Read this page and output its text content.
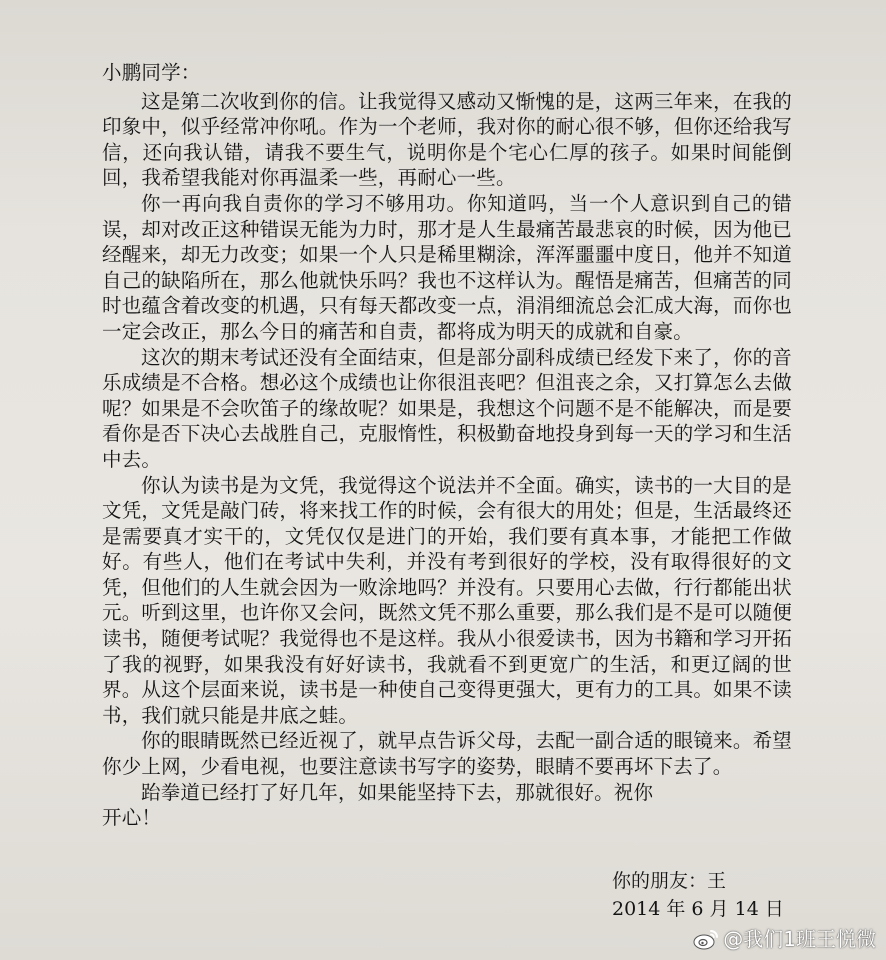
小鹏同学：

这是第二次收到你的信。让我觉得又感动又惭愧的是，这两三年来，在我的印象中，似乎经常冲你吼。作为一个老师，我对你的耐心很不够，但你还给我写信，还向我认错，请我不要生气，说明你是个宅心仁厚的孩子。如果时间能倒回，我希望我能对你再温柔一些，再耐心一些。

你一再向我自责你的学习不够用功。你知道吗，当一个人意识到自己的错误，却对改正这种错误无能为力时，那才是人生最痛苦最悲哀的时候，因为他已经醒来，却无力改变；如果一个人只是稀里糊涂，浑浑噩噩中度日，他并不知道自己的缺陷所在，那么他就快乐吗？我也不这样认为。醒悟是痛苦，但痛苦的同时也蕴含着改变的机遇，只有每天都改变一点，涓涓细流总会汇成大海，而你也一定会改正，那么今日的痛苦和自责，都将成为明天的成就和自豪。

这次的期末考试还没有全面结束，但是部分副科成绩已经发下来了，你的音乐成绩是不合格。想必这个成绩也让你很沮丧吧？但沮丧之余，又打算怎么去做呢？如果是不会吹笛子的缘故呢？如果是，我想这个问题不是不能解决，而是要看你是否下决心去战胜自己，克服惰性，积极勤奋地投身到每一天的学习和生活中去。

你认为读书是为文凭，我觉得这个说法并不全面。确实，读书的一大目的是文凭，文凭是敲门砖，将来找工作的时候，会有很大的用处；但是，生活最终还是需要真才实干的，文凭仅仅是进门的开始，我们要有真本事，才能把工作做好。有些人，他们在考试中失利，并没有考到很好的学校，没有取得很好的文凭，但他们的人生就会因为一败涂地吗？并没有。只要用心去做，行行都能出状元。听到这里，也许你又会问，既然文凭不那么重要，那么我们是不是可以随便读书，随便考试呢？我觉得也不是这样。我从小很爱读书，因为书籍和学习开拓了我的视野，如果我没有好好读书，我就看不到更宽广的生活，和更辽阔的世界。从这个层面来说，读书是一种使自己变得更强大，更有力的工具。如果不读书，我们就只能是井底之蛙。

你的眼睛既然已经近视了，就早点告诉父母，去配一副合适的眼镜来。希望你少上网，少看电视，也要注意读书写字的姿势，眼睛不要再坏下去了。

跆拳道已经打了好几年，如果能坚持下去，那就很好。祝你

开心！

你的朋友：王
2014 年 6 月 14 日
@我们1班王悦微
